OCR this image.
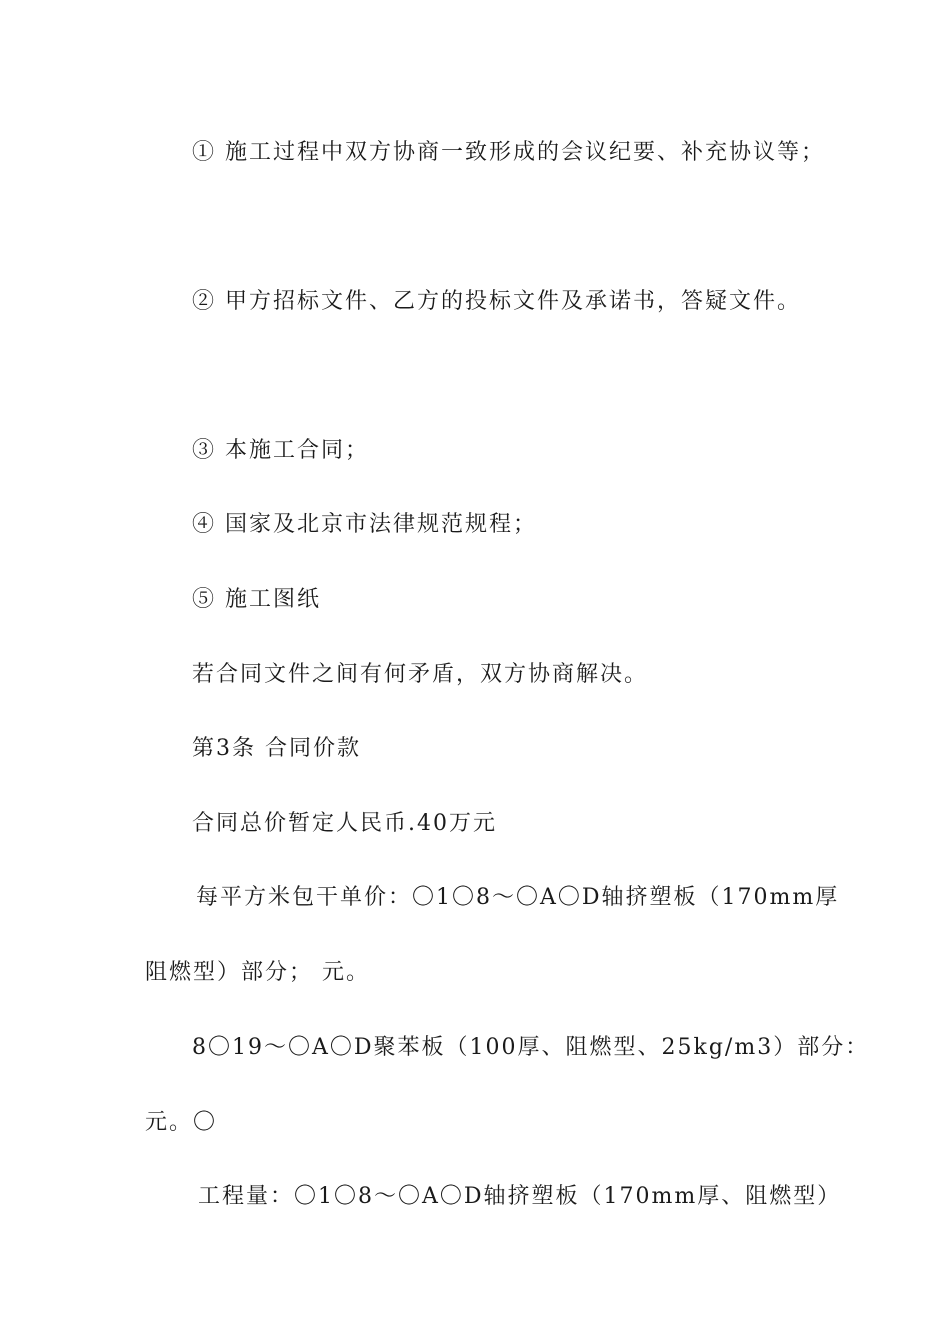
① 施工过程中双方协商一致形成的会议纪要、补充协议等；
② 甲方招标文件、乙方的投标文件及承诺书，答疑文件。
③ 本施工合同；
④ 国家及北京市法律规范规程；
⑤ 施工图纸
若合同文件之间有何矛盾，双方协商解决。
第3条 合同价款
合同总价暂定人民币.40万元
每平方米包干单价：〇1〇8～〇A〇D轴挤塑板（170mm厚
阻燃型）部分； 元。
8〇19～〇A〇D聚苯板（100厚、阻燃型、25kg/m3）部分：
元。〇
工程量：〇1〇8～〇A〇D轴挤塑板（170mm厚、阻燃型）
